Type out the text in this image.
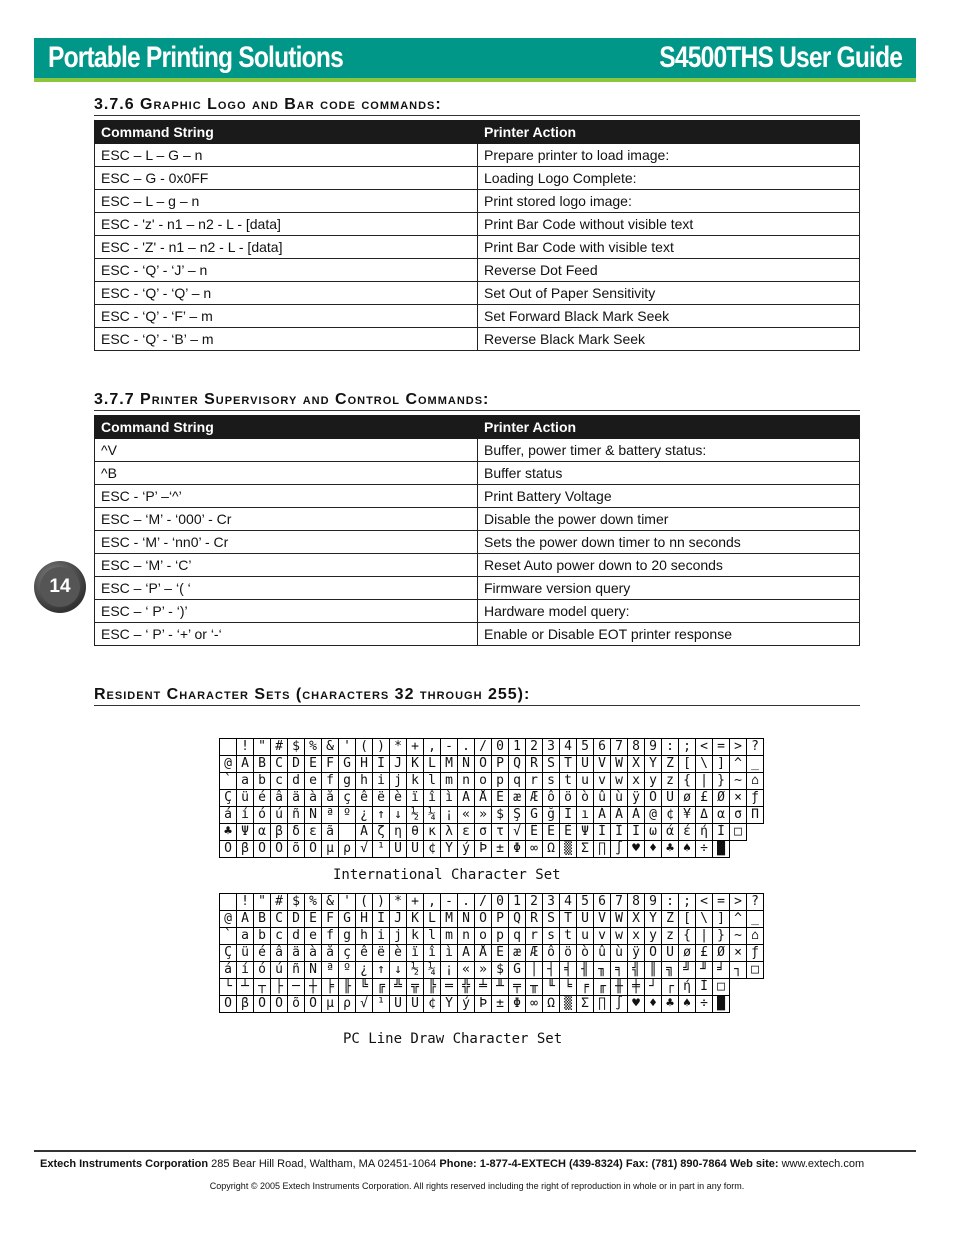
Portable Printing Solutions	S4500THS User Guide
3.7.6 Graphic Logo and Bar code commands:
Command String	Printer Action
ESC – L – G – n	Prepare printer to load image:
ESC – G - 0x0FF	Loading Logo Complete:
ESC – L – g – n	Print stored logo image:
ESC - 'z' - n1 – n2 - L - [data]	Print Bar Code without visible text
ESC - 'Z' - n1 – n2 - L - [data]	Print Bar Code with visible text
ESC - ‘Q’ - ‘J’ – n	Reverse Dot Feed
ESC - ‘Q’ - ‘Q’ – n	Set Out of Paper Sensitivity
ESC - ‘Q’ - ‘F’ – m	Set Forward Black Mark Seek
ESC - ‘Q’ - ‘B’ – m	Reverse Black Mark Seek
3.7.7 Printer Supervisory and Control Commands:
Command String	Printer Action
^V	Buffer, power timer & battery status:
^B	Buffer status
ESC - ‘P’ –‘^’	Print Battery Voltage
ESC – ‘M’ - ‘000’ - Cr	Disable the power down timer
ESC - ‘M’ - ‘nn0’ - Cr	Sets the power down timer to nn seconds
ESC – ‘M’ - ‘C’	Reset Auto power down to 20 seconds
ESC – ‘P’ – ‘( ‘	Firmware version query
ESC – ‘ P’ - ‘)’	Hardware model query:
ESC – ‘ P’ - ‘+’ or ‘-‘	Enable or Disable EOT printer response
14
Resident Character Sets (characters 32 through 255):
	!	"	#	$	%	&	'	(	)	*	+	,	-	.	/	0	1	2	3	4	5	6	7	8	9	:	;	<	=	>	?
@	A	B	C	D	E	F	G	H	I	J	K	L	M	N	O	P	Q	R	S	T	U	V	W	X	Y	Z	[	\	]	^	_
`	a	b	c	d	e	f	g	h	i	j	k	l	m	n	o	p	q	r	s	t	u	v	w	x	y	z	{	|	}	~	⌂
Ç	ü	é	â	ä	à	å	ç	ê	ë	è	ï	î	ì	Ä	Å	É	æ	Æ	ô	ö	ò	û	ù	ÿ	Ö	Ü	ø	£	Ø	×	ƒ
á	í	ó	ú	ñ	Ñ	ª	º	¿	↑	↓	½	¼	¡	«	»	$	Ş	Ğ	ğ	İ	ı	Á	Â	À	@	¢	¥	Δ	α	σ	Π
♣	Ψ	α	β	δ	ε	ã		Ã	ζ	η	θ	κ	λ	ε	σ	τ	√	Ê	Ë	È	Ψ	Í	Î	Ï	ω	ά	έ	ή	Ì	□	
Ó	β	Ô	Ò	õ	Õ	μ	ρ	√	¹	Û	Ù	¢	Ý	ý	Þ	±	Φ	∞	Ω	▒	Σ	∏	∫	♥	♦	♣	♠	÷	█		
International Character Set
	!	"	#	$	%	&	'	(	)	*	+	,	-	.	/	0	1	2	3	4	5	6	7	8	9	:	;	<	=	>	?
@	A	B	C	D	E	F	G	H	I	J	K	L	M	N	O	P	Q	R	S	T	U	V	W	X	Y	Z	[	\	]	^	_
`	a	b	c	d	e	f	g	h	i	j	k	l	m	n	o	p	q	r	s	t	u	v	w	x	y	z	{	|	}	~	⌂
Ç	ü	é	â	ä	à	å	ç	ê	ë	è	ï	î	ì	Ä	Å	É	æ	Æ	ô	ö	ò	û	ù	ÿ	Ö	Ü	ø	£	Ø	×	ƒ
á	í	ó	ú	ñ	Ñ	ª	º	¿	↑	↓	½	¼	¡	«	»	$	Ğ	│	┤	╡	╢	╖	╕	╣	║	╗	╝	╜	╛	┐	□
└	┴	┬	├	─	┼	╞	╟	╚	╔	╩	╦	╠	═	╬	╧	╨	╤	╥	╙	╘	╒	╓	╫	╪	┘	┌	ή	Ì	□		
Ó	β	Ô	Ò	õ	Õ	μ	ρ	√	¹	Û	Ù	¢	Ý	ý	Þ	±	Φ	∞	Ω	▒	Σ	∏	∫	♥	♦	♣	♠	÷	█		
PC Line Draw Character Set
Extech Instruments Corporation 285 Bear Hill Road, Waltham, MA 02451-1064 Phone: 1-877-4-EXTECH (439-8324) Fax: (781) 890-7864 Web site: www.extech.com
Copyright © 2005 Extech Instruments Corporation. All rights reserved including the right of reproduction in whole or in part in any form.
